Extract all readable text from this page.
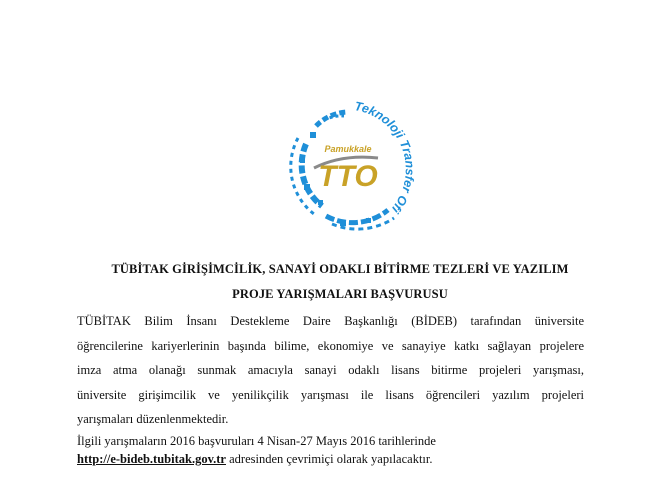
Pamukkale
TTO
Teknoloji Transfer Ofi
TÜBİTAK GİRİŞİMCİLİK, SANAYİ ODAKLI BİTİRME TEZLERİ VE YAZILIM
PROJE YARIŞMALARI BAŞVURUSU
TÜBİTAK Bilim İnsanı Destekleme Daire Başkanlığı (BİDEB) tarafından üniversite
öğrencilerine kariyerlerinin başında bilime, ekonomiye ve sanayiye katkı sağlayan projelere
imza atma olanağı sunmak amacıyla sanayi odaklı lisans bitirme projeleri yarışması,
üniversite girişimcilik ve yenilikçilik yarışması ile lisans öğrencileri yazılım projeleri
yarışmaları düzenlenmektedir.
İlgili yarışmaların 2016 başvuruları 4 Nisan-27 Mayıs 2016 tarihlerinde
http://e-bideb.tubitak.gov.tr adresinden çevrimiçi olarak yapılacaktır.
